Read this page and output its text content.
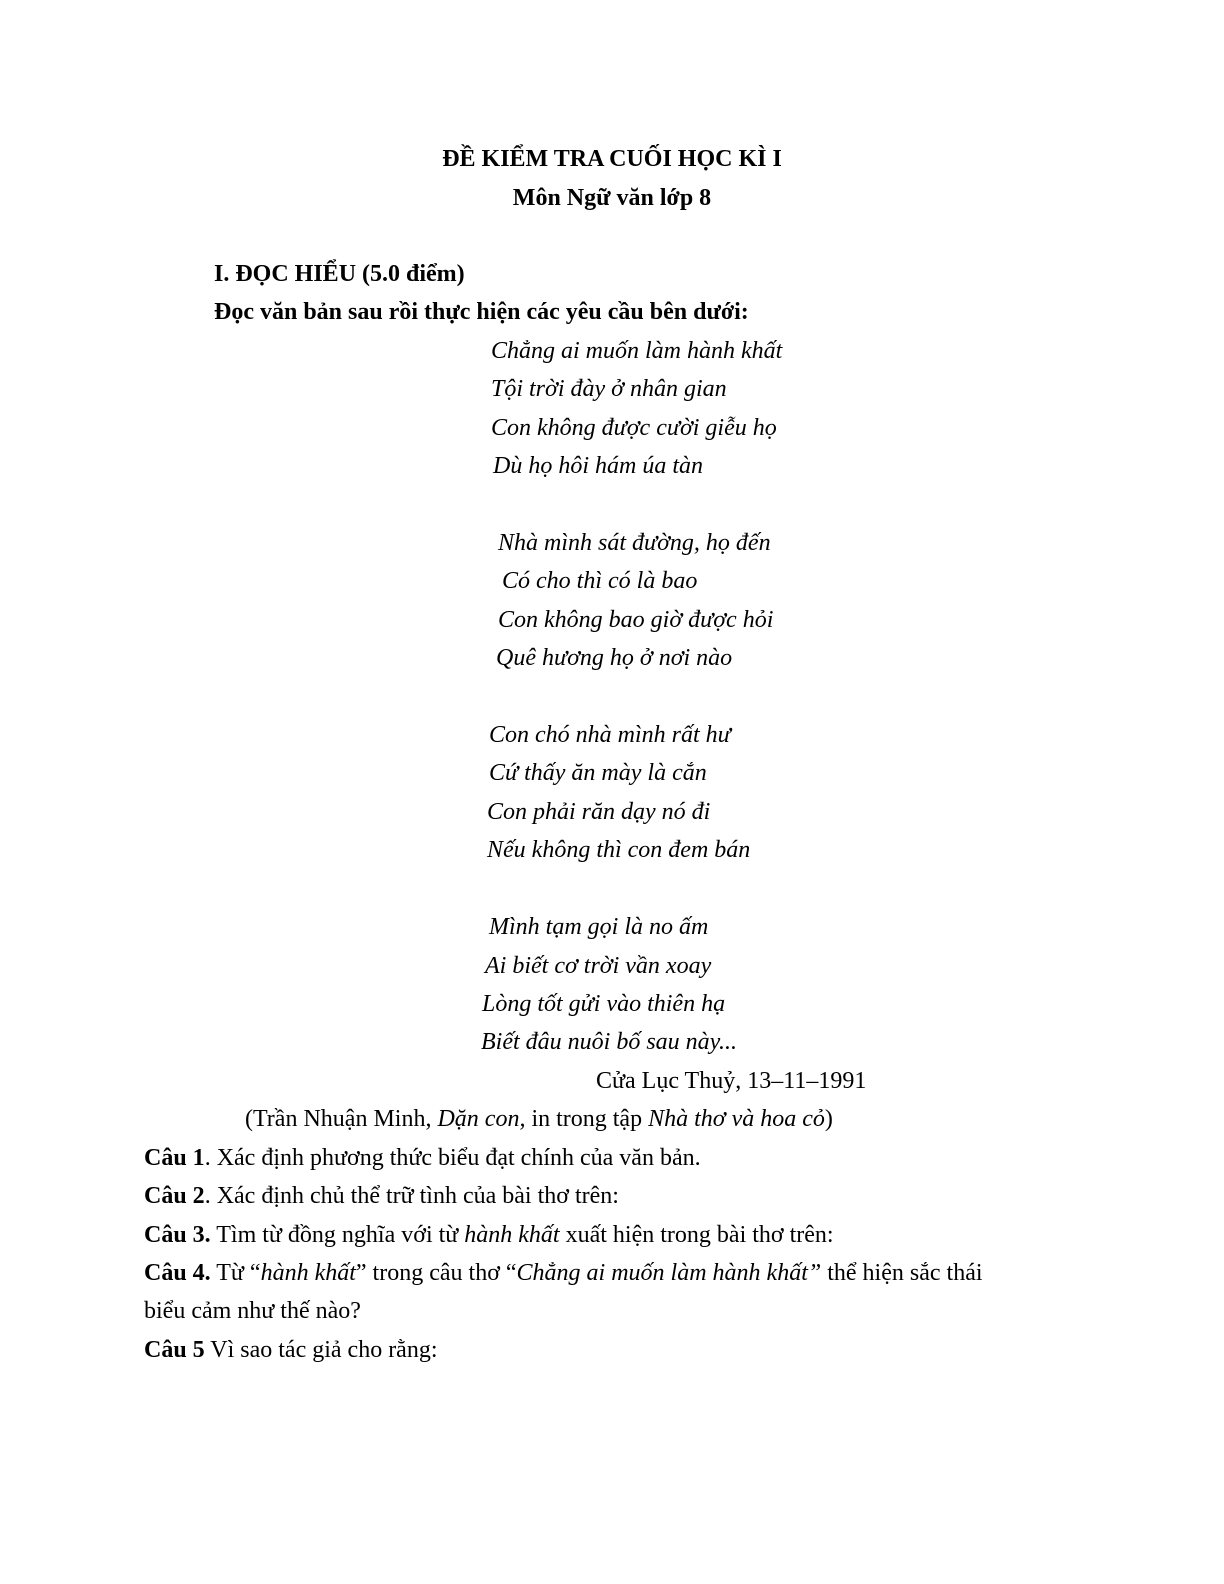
ĐỀ KIỂM TRA CUỐI HỌC KÌ I
Môn Ngữ văn lớp 8
I. ĐỌC HIỂU (5.0 điểm)
Đọc văn bản sau rồi thực hiện các yêu cầu bên dưới:
Chẳng ai muốn làm hành khất
Tội trời đày ở nhân gian
Con không được cười giễu họ
Dù họ hôi hám úa tàn
Nhà mình sát đường, họ đến
Có cho thì có là bao
Con không bao giờ được hỏi
Quê hương họ ở nơi nào
Con chó nhà mình rất hư
Cứ thấy ăn mày là cắn
Con phải răn dạy nó đi
Nếu không thì con đem bán
Mình tạm gọi là no ấm
Ai biết cơ trời vần xoay
Lòng tốt gửi vào thiên hạ
Biết đâu nuôi bố sau này...
Cửa Lục Thuỷ, 13–11–1991
(Trần Nhuận Minh, Dặn con, in trong tập Nhà thơ và hoa cỏ)
Câu 1. Xác định phương thức biểu đạt chính của văn bản.
Câu 2. Xác định chủ thể trữ tình của bài thơ trên:
Câu 3. Tìm từ đồng nghĩa với từ hành khất xuất hiện trong bài thơ trên:
Câu 4. Từ “hành khất” trong câu thơ “Chẳng ai muốn làm hành khất” thể hiện sắc thái
biểu cảm như thế nào?
Câu 5 Vì sao tác giả cho rằng:
